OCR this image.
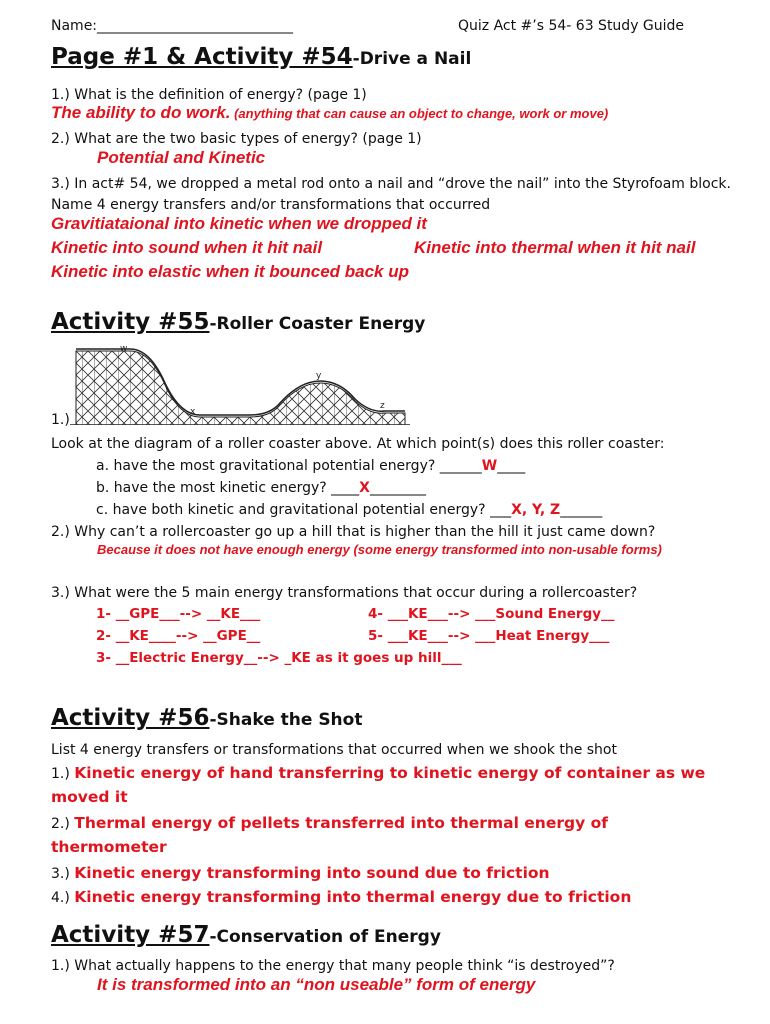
Name:____________________________	Quiz Act #’s 54- 63 Study Guide
Page #1 & Activity #54-Drive a Nail
1.) What is the definition of energy? (page 1)
The ability to do work. (anything that can cause an object to change, work or move)
2.) What are the two basic types of energy? (page 1)
Potential and Kinetic
3.) In act# 54, we dropped a metal rod onto a nail and “drove the nail” into the Styrofoam block.
Name 4 energy transfers and/or transformations that occurred
Gravitiataional into kinetic when we dropped it
Kinetic into sound when it hit nail	Kinetic into thermal when it hit nail
Kinetic into elastic when it bounced back up
Activity #55-Roller Coaster Energy
w
x
y
z
1.)
Look at the diagram of a roller coaster above. At which point(s) does this roller coaster:
a. have the most gravitational potential energy? ______W____
b. have the most kinetic energy? ____X________
c. have both kinetic and gravitational potential energy? ___X, Y, Z______
2.) Why can’t a rollercoaster go up a hill that is higher than the hill it just came down?
Because it does not have enough energy (some energy transformed into non-usable forms)
3.) What were the 5 main energy transformations that occur during a rollercoaster?
1- __GPE___--> __KE___
2- __KE____--> __GPE__
3- __Electric Energy__--> _KE as it goes up hill___
4- ___KE___--> ___Sound Energy__
5- ___KE___--> ___Heat Energy___
Activity #56-Shake the Shot
List 4 energy transfers or transformations that occurred when we shook the shot
1.) Kinetic energy of hand transferring to kinetic energy of container as we
moved it
2.) Thermal energy of pellets transferred into thermal energy of
thermometer
3.) Kinetic energy transforming into sound due to friction
4.) Kinetic energy transforming into thermal energy due to friction
Activity #57-Conservation of Energy
1.) What actually happens to the energy that many people think “is destroyed”?
It is transformed into an “non useable” form of energy
